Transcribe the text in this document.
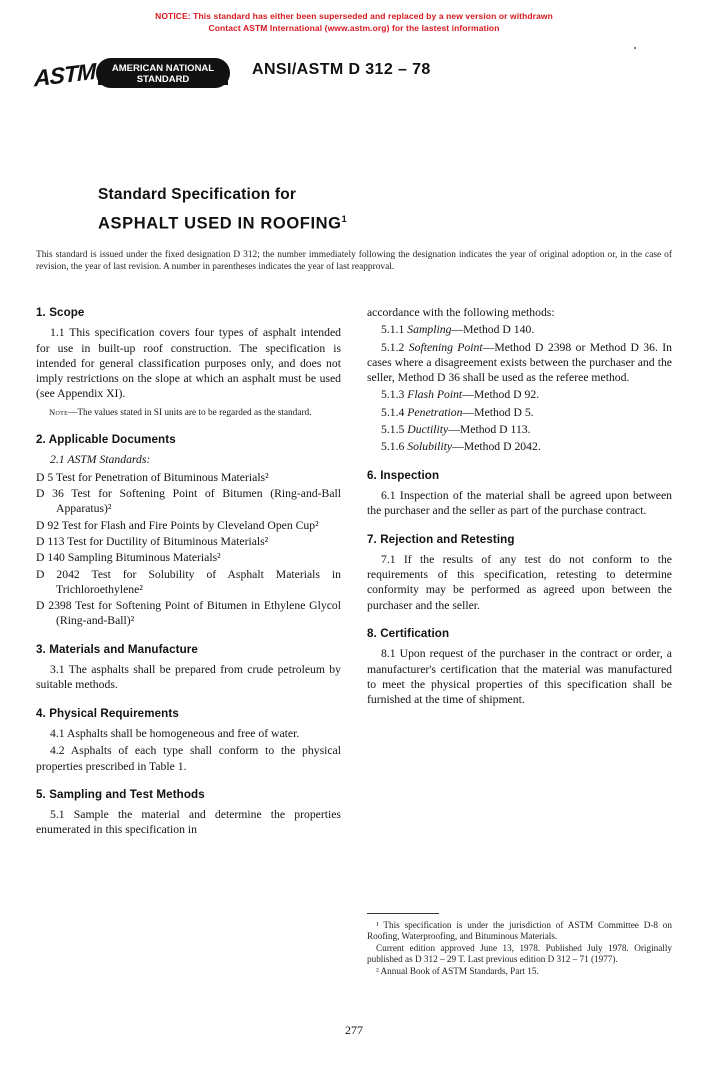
NOTICE: This standard has either been superseded and replaced by a new version or withdrawn
Contact ASTM International (www.astm.org) for the lastest information
ASTM	AMERICAN NATIONAL
STANDARD
ANSI/ASTM D 312 – 78
Standard Specification for
ASPHALT USED IN ROOFING$^1$
This standard is issued under the fixed designation D 312; the number immediately following the designation indicates the year of original adoption or, in the case of revision, the year of last revision. A number in parentheses indicates the year of last reapproval.
1. Scope

1.1 This specification covers four types of asphalt intended for use in built-up roof construction. The specification is intended for general classification purposes only, and does not imply restrictions on the slope at which an asphalt must be used (see Appendix XI).

Note—The values stated in SI units are to be regarded as the standard.

2. Applicable Documents

2.1 ASTM Standards:

D 5 Test for Penetration of Bituminous Materials²

D 36 Test for Softening Point of Bitumen (Ring-and-Ball Apparatus)²

D 92 Test for Flash and Fire Points by Cleveland Open Cup²

D 113 Test for Ductility of Bituminous Materials²

D 140 Sampling Bituminous Materials²

D 2042 Test for Solubility of Asphalt Materials in Trichloroethylene²

D 2398 Test for Softening Point of Bitumen in Ethylene Glycol (Ring-and-Ball)²

3. Materials and Manufacture

3.1 The asphalts shall be prepared from crude petroleum by suitable methods.

4. Physical Requirements

4.1 Asphalts shall be homogeneous and free of water.

4.2 Asphalts of each type shall conform to the physical properties prescribed in Table 1.

5. Sampling and Test Methods

5.1 Sample the material and determine the properties enumerated in this specification in

accordance with the following methods:

5.1.1 Sampling—Method D 140.

5.1.2 Softening Point—Method D 2398 or Method D 36. In cases where a disagreement exists between the purchaser and the seller, Method D 36 shall be used as the referee method.

5.1.3 Flash Point—Method D 92.

5.1.4 Penetration—Method D 5.

5.1.5 Ductility—Method D 113.

5.1.6 Solubility—Method D 2042.

6. Inspection

6.1 Inspection of the material shall be agreed upon between the purchaser and the seller as part of the purchase contract.

7. Rejection and Retesting

7.1 If the results of any test do not conform to the requirements of this specification, retesting to determine conformity may be performed as agreed upon between the purchaser and the seller.

8. Certification

8.1 Upon request of the purchaser in the contract or order, a manufacturer's certification that the material was manufactured to meet the physical properties of this specification shall be furnished at the time of shipment.

¹ This specification is under the jurisdiction of ASTM Committee D-8 on Roofing, Waterproofing, and Bituminous Materials.

Current edition approved June 13, 1978. Published July 1978. Originally published as D 312 – 29 T. Last previous edition D 312 – 71 (1977).

² Annual Book of ASTM Standards, Part 15.

277
